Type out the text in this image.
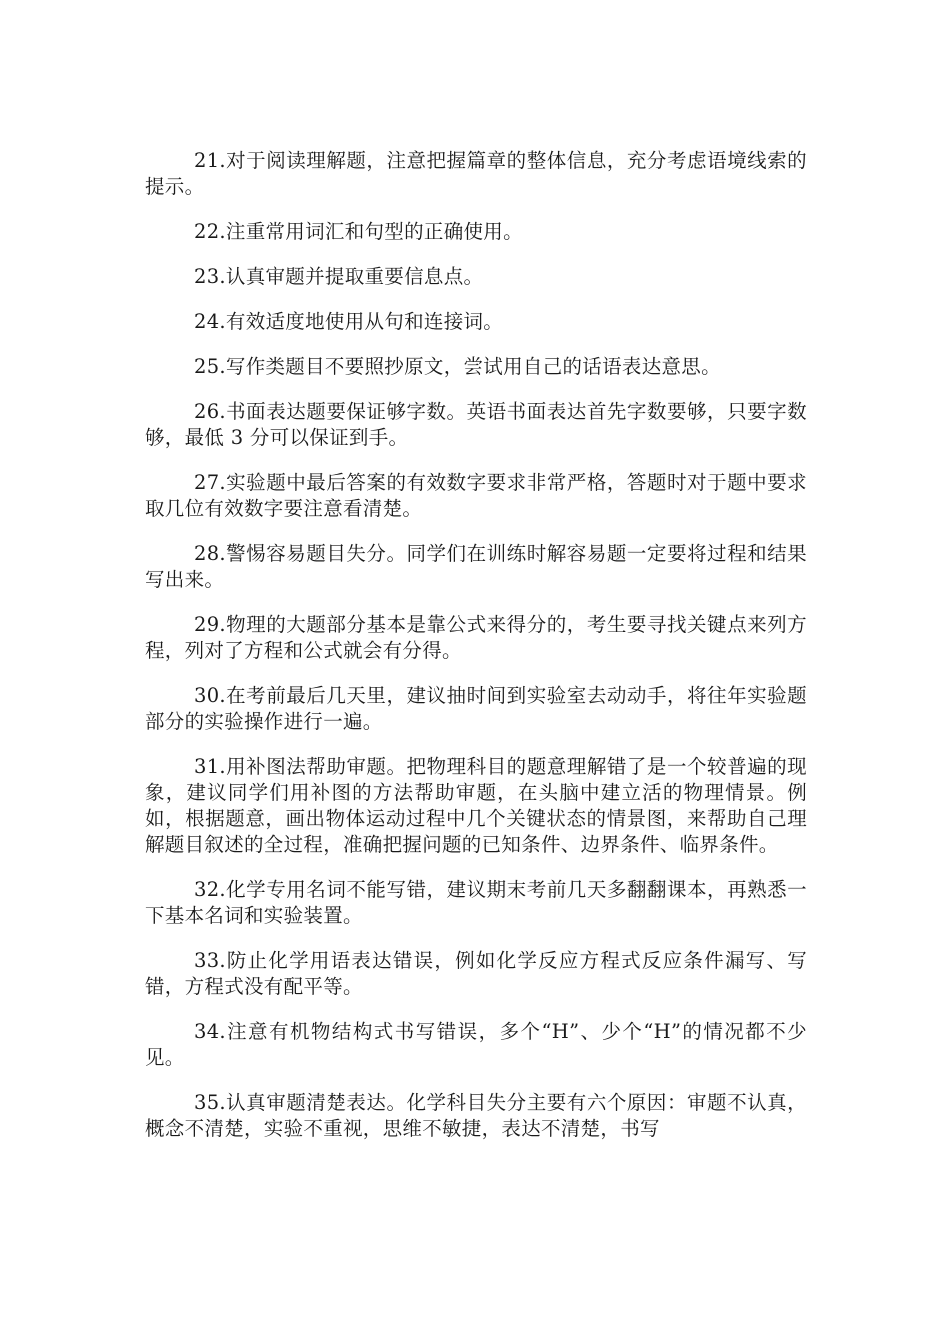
21.对于阅读理解题，注意把握篇章的整体信息，充分考虑语境线索的提示。

22.注重常用词汇和句型的正确使用。

23.认真审题并提取重要信息点。

24.有效适度地使用从句和连接词。

25.写作类题目不要照抄原文，尝试用自己的话语表达意思。

26.书面表达题要保证够字数。英语书面表达首先字数要够，只要字数够，最低 3 分可以保证到手。

27.实验题中最后答案的有效数字要求非常严格，答题时对于题中要求取几位有效数字要注意看清楚。

28.警惕容易题目失分。同学们在训练时解容易题一定要将过程和结果写出来。

29.物理的大题部分基本是靠公式来得分的，考生要寻找关键点来列方程，列对了方程和公式就会有分得。

30.在考前最后几天里，建议抽时间到实验室去动动手，将往年实验题部分的实验操作进行一遍。

31.用补图法帮助审题。把物理科目的题意理解错了是一个较普遍的现象，建议同学们用补图的方法帮助审题，在头脑中建立活的物理情景。例如，根据题意，画出物体运动过程中几个关键状态的情景图，来帮助自己理解题目叙述的全过程，准确把握问题的已知条件、边界条件、临界条件。

32.化学专用名词不能写错，建议期末考前几天多翻翻课本，再熟悉一下基本名词和实验装置。

33.防止化学用语表达错误，例如化学反应方程式反应条件漏写、写错，方程式没有配平等。

34.注意有机物结构式书写错误，多个“H”、少个“H”的情况都不少见。

35.认真审题清楚表达。化学科目失分主要有六个原因：审题不认真，概念不清楚，实验不重视，思维不敏捷，表达不清楚，书写
